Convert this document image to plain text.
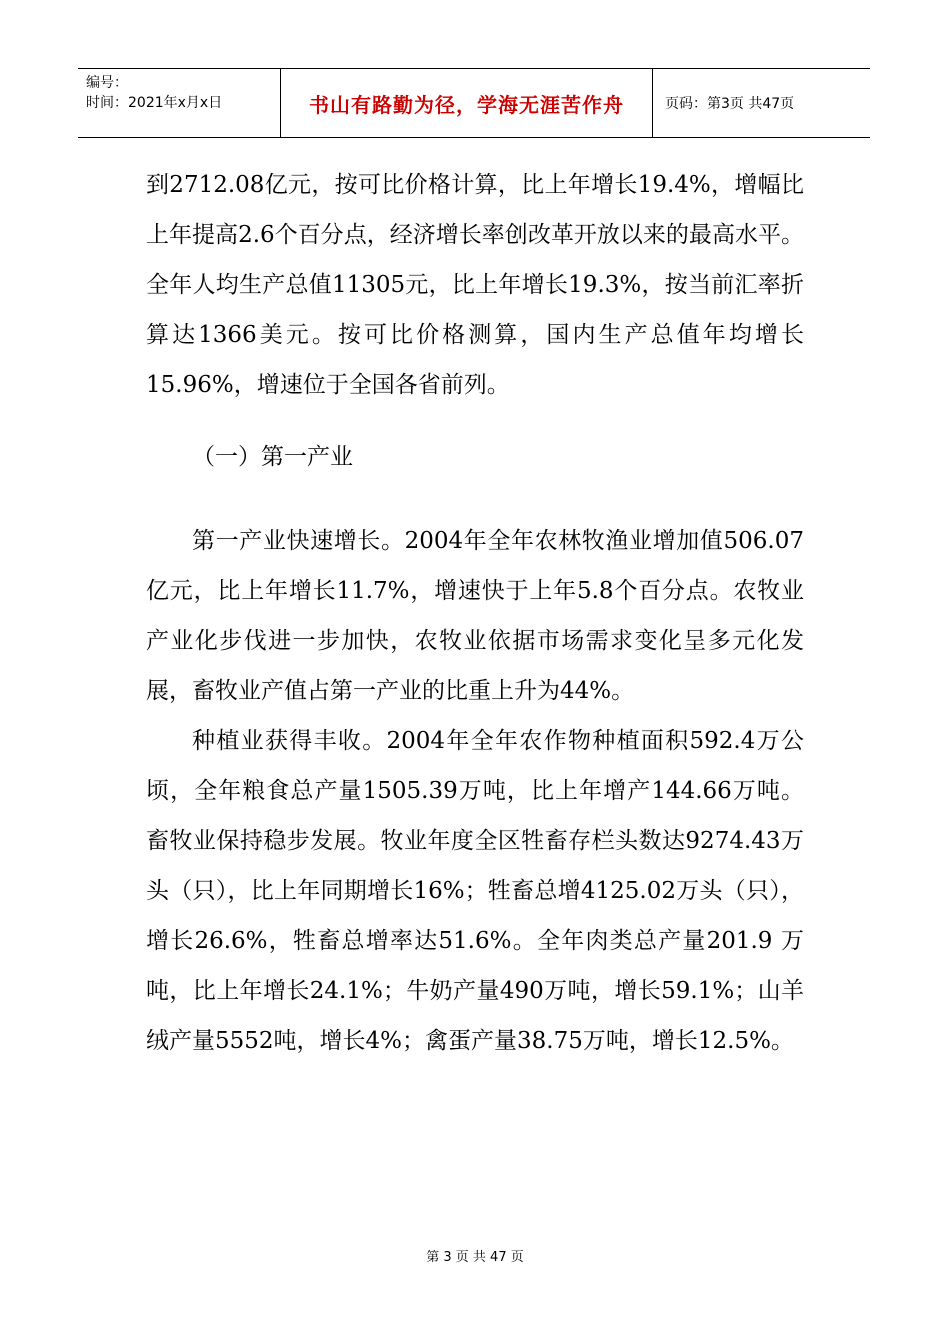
编号：
时间：2021年x月x日	书山有路勤为径，学海无涯苦作舟	页码：第3页 共47页

到2712.08亿元，按可比价格计算，比上年增长19.4%，增幅比上年提高2.6个百分点，经济增长率创改革开放以来的最高水平。全年人均生产总值11305元，比上年增长19.3%，按当前汇率折算达1366美元。按可比价格测算，国内生产总值年均增长15.96%，增速位于全国各省前列。

（一）第一产业

第一产业快速增长。2004年全年农林牧渔业增加值506.07亿元，比上年增长11.7%，增速快于上年5.8个百分点。农牧业产业化步伐进一步加快，农牧业依据市场需求变化呈多元化发展，畜牧业产值占第一产业的比重上升为44%。

种植业获得丰收。2004年全年农作物种植面积592.4万公顷，全年粮食总产量1505.39万吨，比上年增产144.66万吨。畜牧业保持稳步发展。牧业年度全区牲畜存栏头数达9274.43万头（只），比上年同期增长16%；牲畜总增4125.02万头（只），增长26.6%，牲畜总增率达51.6%。全年肉类总产量201.9 万吨，比上年增长24.1%；牛奶产量490万吨，增长59.1%；山羊绒产量5552吨，增长4%；禽蛋产量38.75万吨，增长12.5%。

第 3 页 共 47 页
